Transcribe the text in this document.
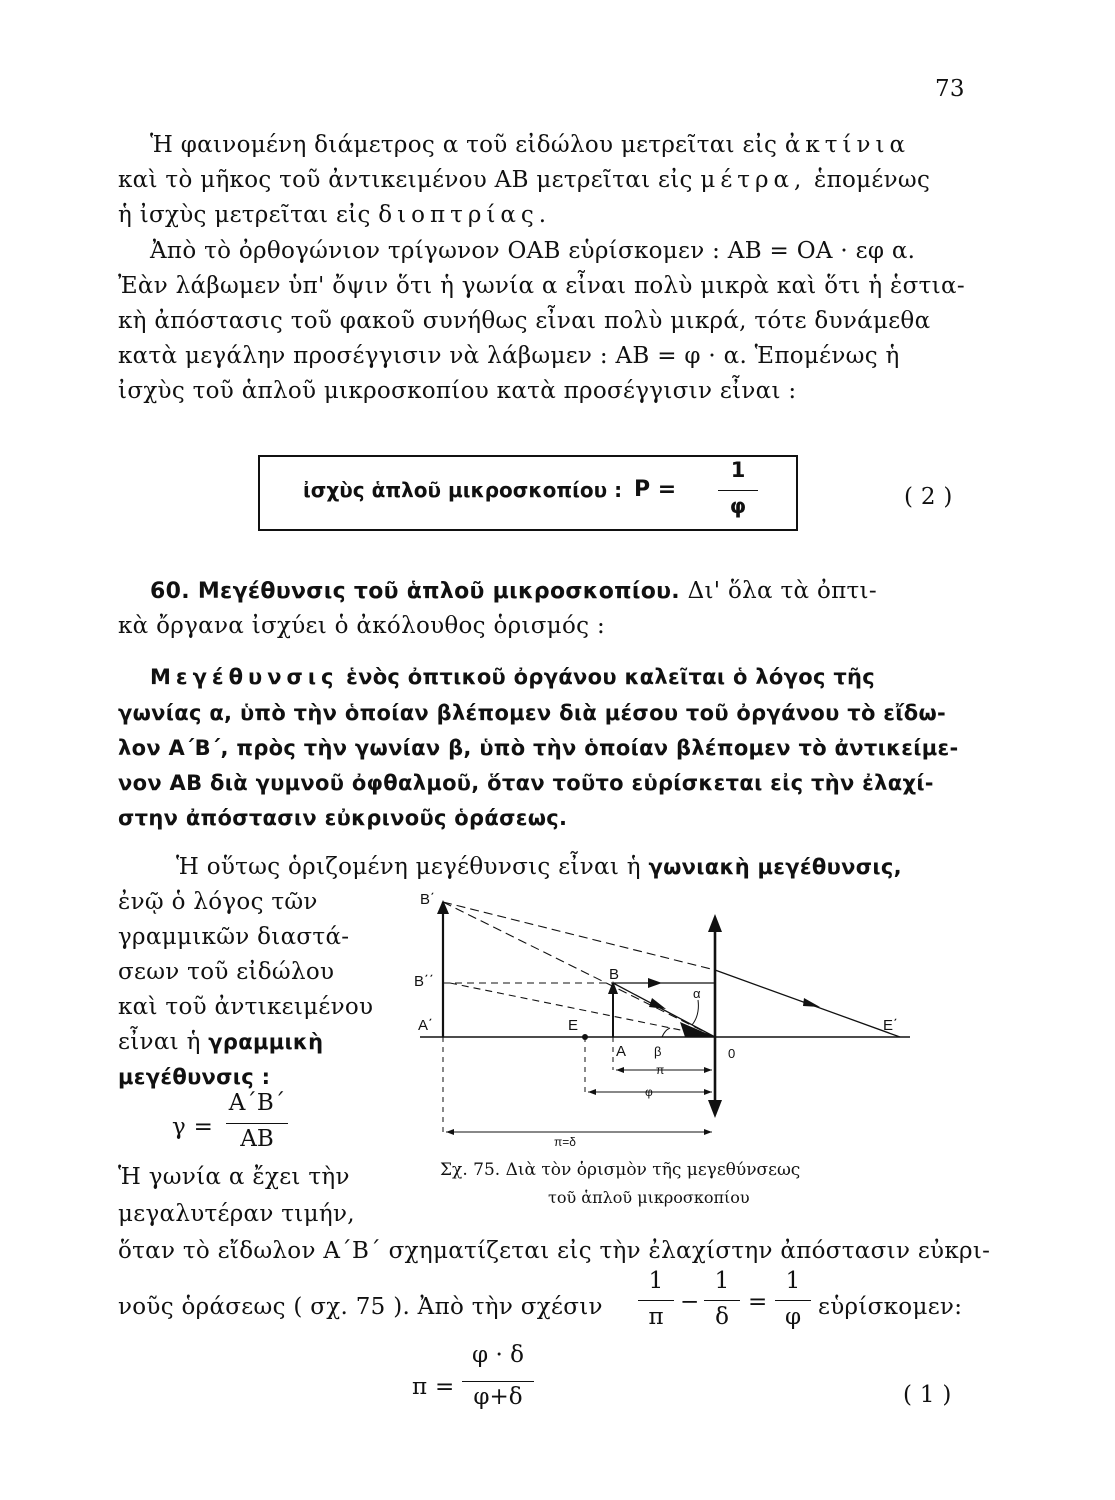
73
Ἡ φαινομένη διάμετρος α τοῦ εἰδώλου μετρεῖται εἰς ἀκτίνια
καὶ τὸ μῆκος τοῦ ἀντικειμένου ΑΒ μετρεῖται εἰς μέτρα, ἑπομένως
ἡ ἰσχὺς μετρεῖται εἰς διοπτρίας.
Ἀπὸ τὸ ὀρθογώνιον τρίγωνον ΟΑΒ εὑρίσκομεν : ΑΒ = ΟΑ · εφ α.
Ἐὰν λάβωμεν ὑπ' ὄψιν ὅτι ἡ γωνία α εἶναι πολὺ μικρὰ καὶ ὅτι ἡ ἑστια-
κὴ ἀπόστασις τοῦ φακοῦ συνήθως εἶναι πολὺ μικρά, τότε δυνάμεθα
κατὰ μεγάλην προσέγγισιν νὰ λάβωμεν : ΑΒ = φ · α. Ἑπομένως ἡ
ἰσχὺς τοῦ ἁπλοῦ μικροσκοπίου κατὰ προσέγγισιν εἶναι :
ἰσχὺς ἁπλοῦ μικροσκοπίου : P =
1
φ	( 2 )
60. Μεγέθυνσις τοῦ ἁπλοῦ μικροσκοπίου. Δι' ὅλα τὰ ὀπτι-
κὰ ὄργανα ἰσχύει ὁ ἀκόλουθος ὁρισμός :
Μεγέθυνσις ἑνὸς ὀπτικοῦ ὀργάνου καλεῖται ὁ λόγος τῆς
γωνίας α, ὑπὸ τὴν ὁποίαν βλέπομεν διὰ μέσου τοῦ ὀργάνου τὸ εἴδω-
λον Α΄Β΄, πρὸς τὴν γωνίαν β, ὑπὸ τὴν ὁποίαν βλέπομεν τὸ ἀντικείμε-
νον ΑΒ διὰ γυμνοῦ ὀφθαλμοῦ, ὅταν τοῦτο εὑρίσκεται εἰς τὴν ἐλαχί-
στην ἀπόστασιν εὐκρινοῦς ὁράσεως.
Ἡ οὕτως ὁριζομένη μεγέθυνσις εἶναι ἡ γωνιακὴ μεγέθυνσις,
ἐνῷ ὁ λόγος τῶν
γραμμικῶν διαστά-
σεων τοῦ εἰδώλου
καὶ τοῦ ἀντικειμένου
εἶναι ἡ γραμμικὴ
μεγέθυνσις :
γ =
Α΄Β΄
ΑΒ
Ἡ γωνία α ἔχει τὴν
μεγαλυτέραν τιμήν,
ὅταν τὸ εἴδωλον Α΄Β΄ σχηματίζεται εἰς τὴν ἐλαχίστην ἀπόστασιν εὐκρι-
νοῦς ὁράσεως ( σχ. 75 ). Ἀπὸ τὴν σχέσιν
1
π
−
1
δ
=
1
φ εὑρίσκομεν:
π =
φ · δ
φ+δ	( 1 )
B΄
B΄΄
A΄	E
B
A
α
β	0
E΄
π
φ
π=δ
Σχ. 75. Διὰ τὸν ὁρισμὸν τῆς μεγεθύνσεως
τοῦ ἁπλοῦ μικροσκοπίου
